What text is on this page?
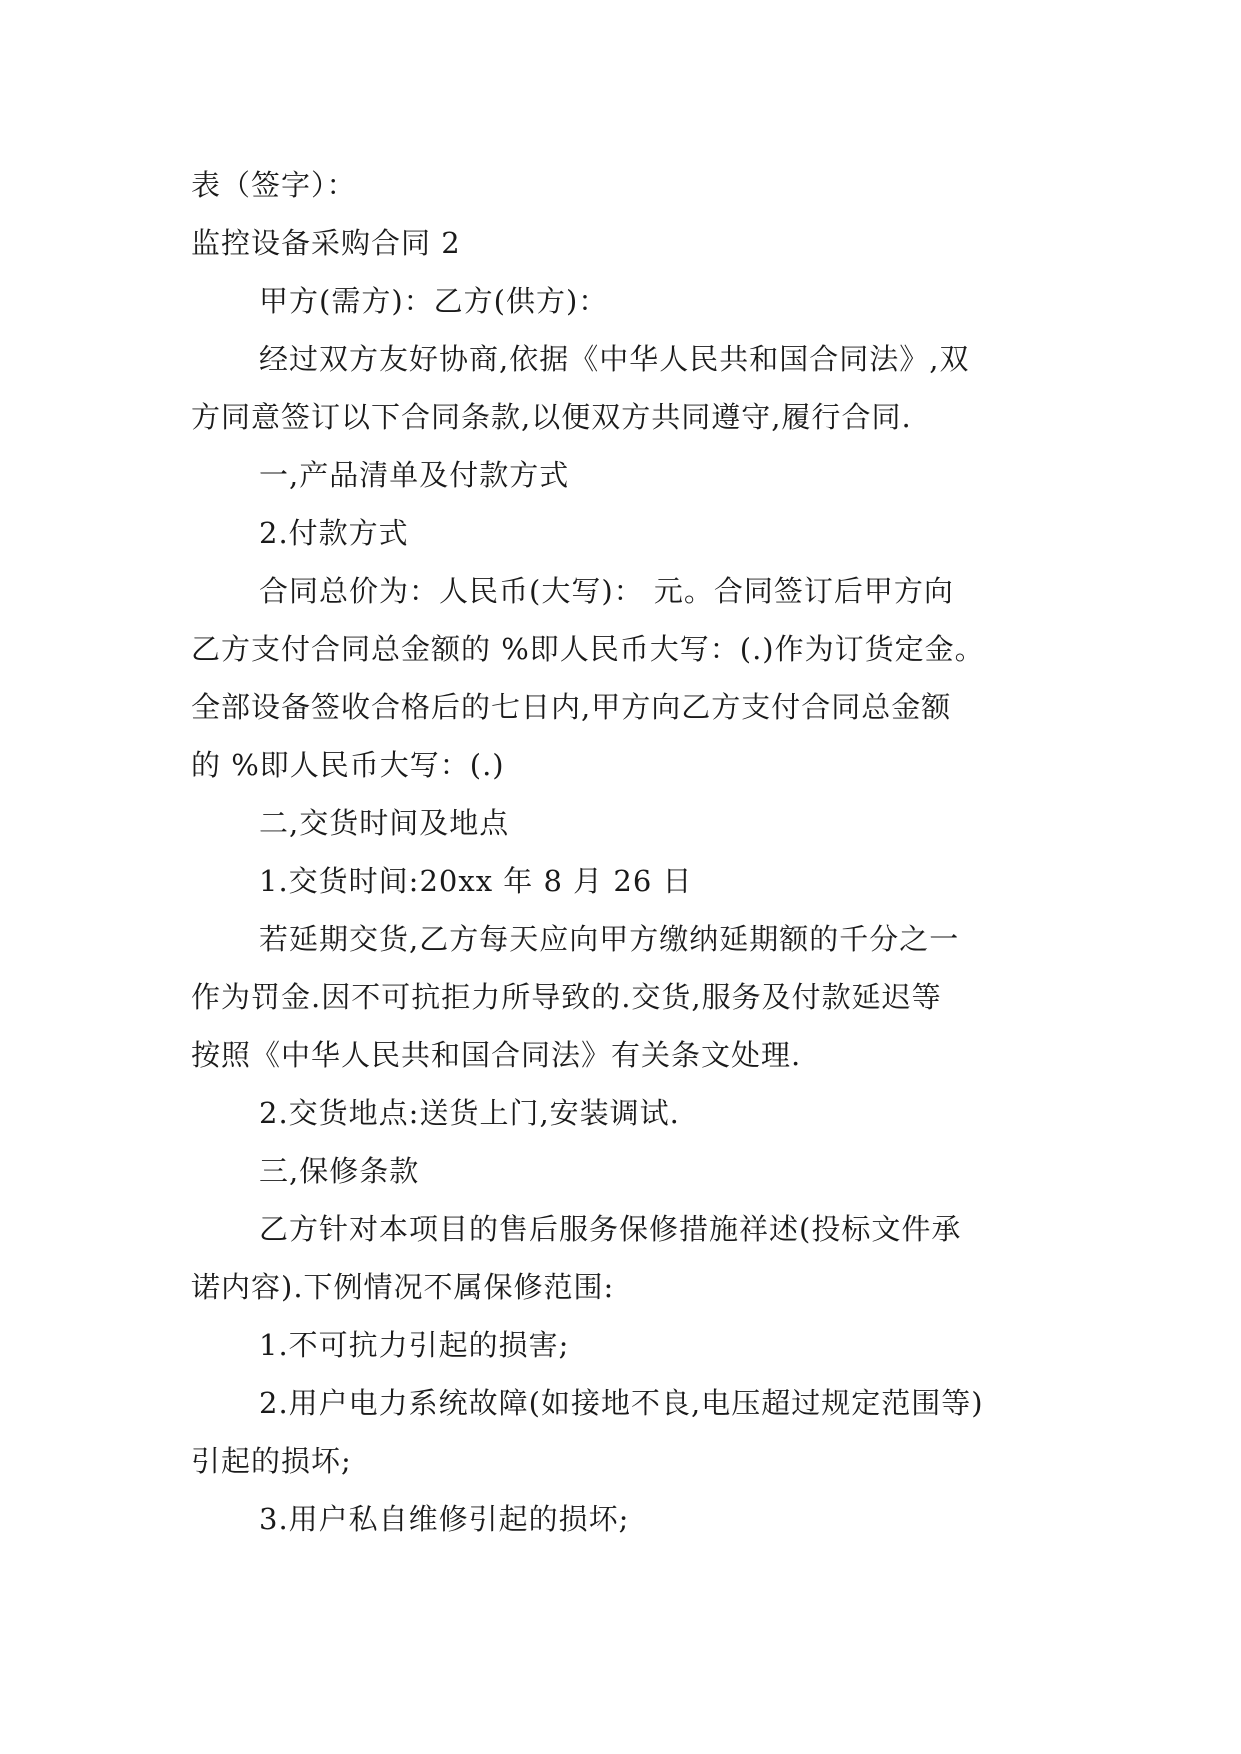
表（签字）：

监控设备采购合同 2

甲方(需方)：乙方(供方)：

经过双方友好协商,依据《中华人民共和国合同法》,双

方同意签订以下合同条款,以便双方共同遵守,履行合同.

一,产品清单及付款方式

2.付款方式

合同总价为：人民币(大写)： 元。合同签订后甲方向

乙方支付合同总金额的 %即人民币大写：(.)作为订货定金。

全部设备签收合格后的七日内,甲方向乙方支付合同总金额

的 %即人民币大写：(.)

二,交货时间及地点

1.交货时间:20xx 年 8 月 26 日

若延期交货,乙方每天应向甲方缴纳延期额的千分之一

作为罚金.因不可抗拒力所导致的.交货,服务及付款延迟等

按照《中华人民共和国合同法》有关条文处理.

2.交货地点:送货上门,安装调试.

三,保修条款

乙方针对本项目的售后服务保修措施祥述(投标文件承

诺内容).下例情况不属保修范围:

1.不可抗力引起的损害;

2.用户电力系统故障(如接地不良,电压超过规定范围等)

引起的损坏;

3.用户私自维修引起的损坏;
